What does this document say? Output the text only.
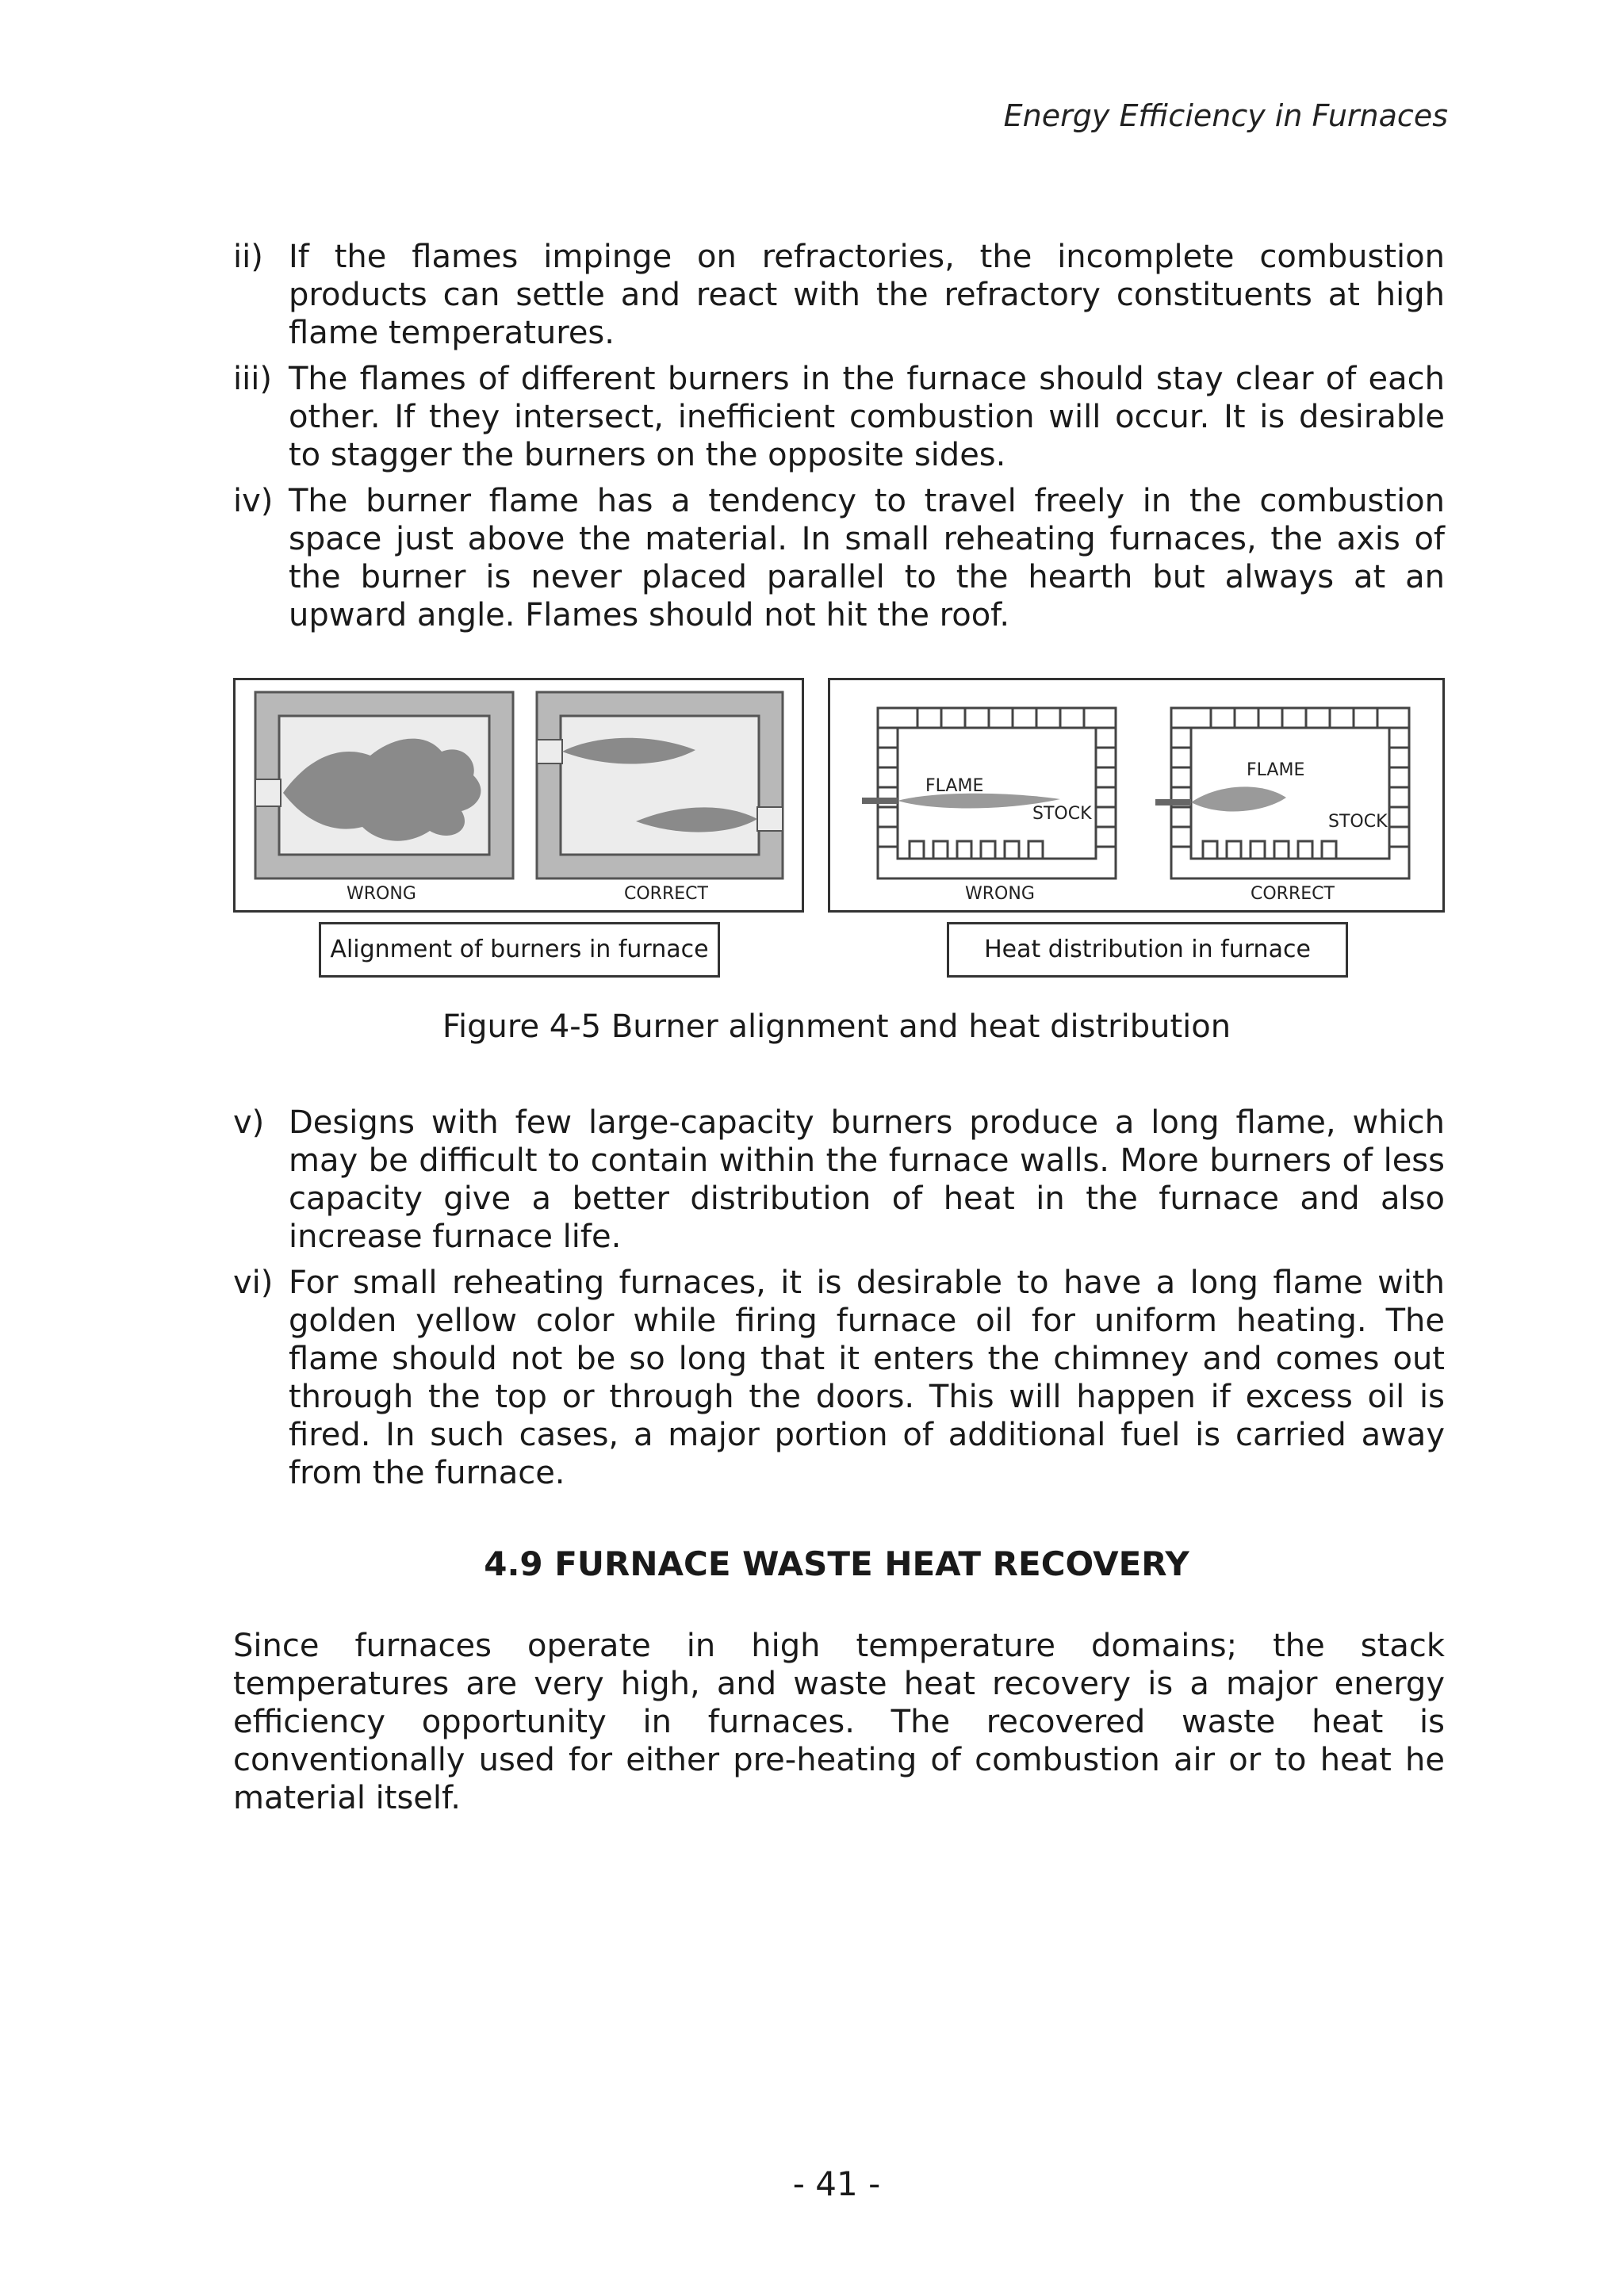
Energy Efficiency in Furnaces
ii) If the flames impinge on refractories, the incomplete combustion products can settle and react with the refractory constituents at high flame temperatures.
iii) The flames of different burners in the furnace should stay clear of each other. If they intersect, inefficient combustion will occur. It is desirable to stagger the burners on the opposite sides.
iv) The burner flame has a tendency to travel freely in the combustion space just above the material. In small reheating furnaces, the axis of the burner is never placed parallel to the hearth but always at an upward angle. Flames should not hit the roof.
WRONG	CORRECT
FLAME
STOCK
FLAME
STOCK
WRONG	CORRECT
Alignment of burners in furnace	Heat distribution in furnace
Figure 4-5 Burner alignment and heat distribution
v) Designs with few large-capacity burners produce a long flame, which may be difficult to contain within the furnace walls. More burners of less capacity give a better distribution of heat in the furnace and also increase furnace life.
vi) For small reheating furnaces, it is desirable to have a long flame with golden yellow color while firing furnace oil for uniform heating. The flame should not be so long that it enters the chimney and comes out through the top or through the doors. This will happen if excess oil is fired. In such cases, a major portion of additional fuel is carried away from the furnace.
4.9 FURNACE WASTE HEAT RECOVERY

Since furnaces operate in high temperature domains; the stack temperatures are very high, and waste heat recovery is a major energy efficiency opportunity in furnaces. The recovered waste heat is conventionally used for either pre-heating of combustion air or to heat he material itself.

- 41 -
